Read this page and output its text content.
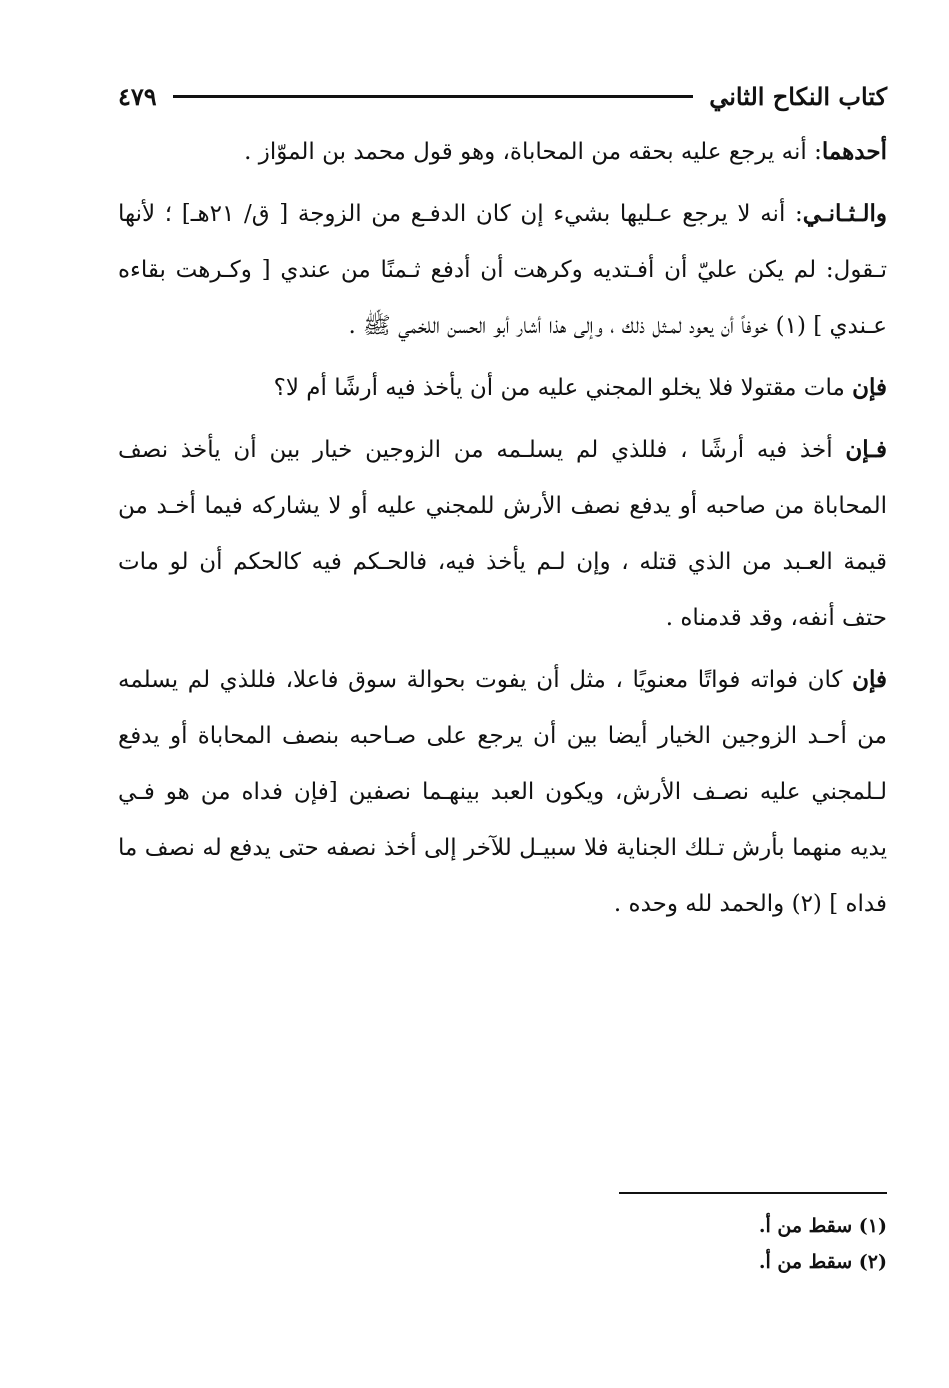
كتاب النكاح الثاني
٤٧٩

أحدهما: أنه يرجع عليه بحقه من المحاباة، وهو قول محمد بن الموّاز .

والـثـانـي: أنه لا يرجع عـليها بشيء إن كان الدفـع من الزوجة [ ق/ ٢١هـ] ؛ لأنها تـقول: لم يكن عليّ أن أفـتديه وكرهت أن أدفع ثـمنًا من عندي [ وكـرهت بقاءه عـندي ] (١) خوفاً أن يعود لمـثل ذلك ، وإلى هذا أشار أبو الحسن اللخمي ﷺ .

فإن مات مقتولا فلا يخلو المجني عليه من أن يأخذ فيه أرشًا أم لا؟

فـإن أخذ فيه أرشًا ، فللذي لم يسلـمه من الزوجين خيار بين أن يأخذ نصف المحاباة من صاحبه أو يدفع نصف الأرش للمجني عليه أو لا يشاركه فيما أخـد من قيمة العـبد من الذي قتله ، وإن لـم يأخذ فيه، فالحـكم فيه كالحكم أن لو مات حتف أنفه، وقد قدمناه .

فإن كان فواته فواتًا معنويًا ، مثل أن يفوت بحوالة سوق فاعلا، فللذي لم يسلمه من أحـد الزوجين الخيار أيضا بين أن يرجع على صـاحبه بنصف المحاباة أو يدفع لـلمجني عليه نصـف الأرش، ويكون العبد بينهـما نصفين [فإن فداه من هو فـي يديه منهما بأرش تـلك الجناية فلا سبيـل للآخر إلى أخذ نصفه حتى يدفع له نصف ما فداه ] (٢) والحمد لله وحده .

(١) سقط من أ.
(٢) سقط من أ.
